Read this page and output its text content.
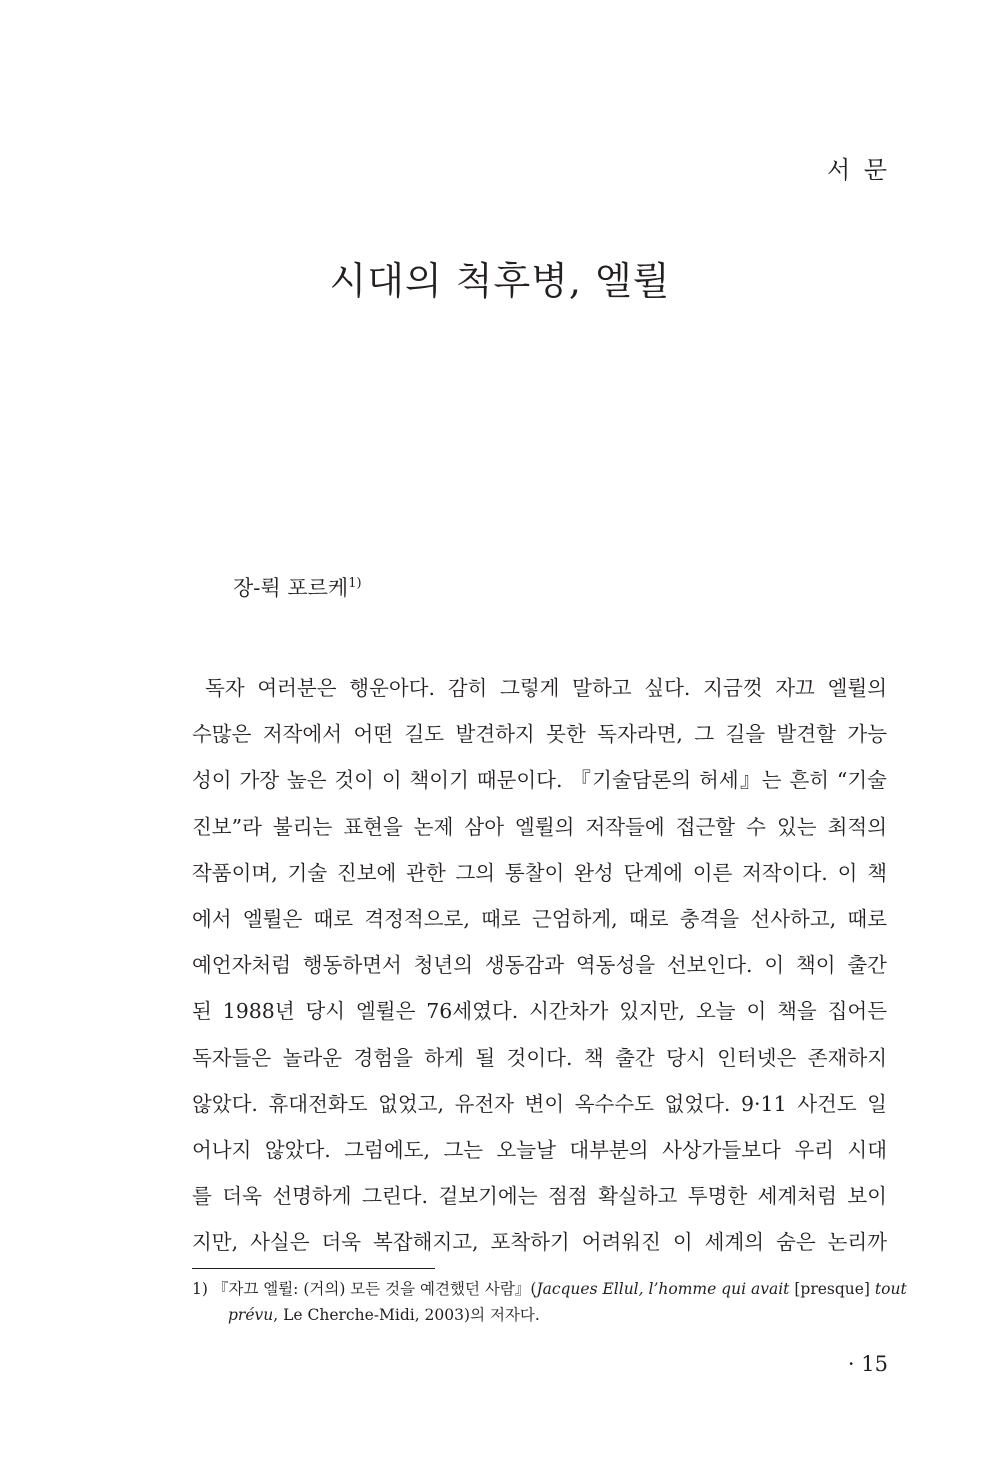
서 문
시대의 척후병, 엘륄

장-뤽 포르케$^{1)}$

독자 여러분은 행운아다. 감히 그렇게 말하고 싶다. 지금껏 자끄 엘륄의
수많은 저작에서 어떤 길도 발견하지 못한 독자라면, 그 길을 발견할 가능
성이 가장 높은 것이 이 책이기 때문이다. 『기술담론의 허세』는 흔히 “기술
진보”라 불리는 표현을 논제 삼아 엘륄의 저작들에 접근할 수 있는 최적의
작품이며, 기술 진보에 관한 그의 통찰이 완성 단계에 이른 저작이다. 이 책
에서 엘륄은 때로 격정적으로, 때로 근엄하게, 때로 충격을 선사하고, 때로
예언자처럼 행동하면서 청년의 생동감과 역동성을 선보인다. 이 책이 출간
된 1988년 당시 엘륄은 76세였다. 시간차가 있지만, 오늘 이 책을 집어든
독자들은 놀라운 경험을 하게 될 것이다. 책 출간 당시 인터넷은 존재하지
않았다. 휴대전화도 없었고, 유전자 변이 옥수수도 없었다. 9·11 사건도 일
어나지 않았다. 그럼에도, 그는 오늘날 대부분의 사상가들보다 우리 시대
를 더욱 선명하게 그린다. 겉보기에는 점점 확실하고 투명한 세계처럼 보이
지만, 사실은 더욱 복잡해지고, 포착하기 어려워진 이 세계의 숨은 논리까
1) 『자끄 엘륄: (거의) 모든 것을 예견했던 사람』(Jacques Ellul, l’homme qui avait [presque] tout
prévu, Le Cherche-Midi, 2003)의 저자다.

· 15
